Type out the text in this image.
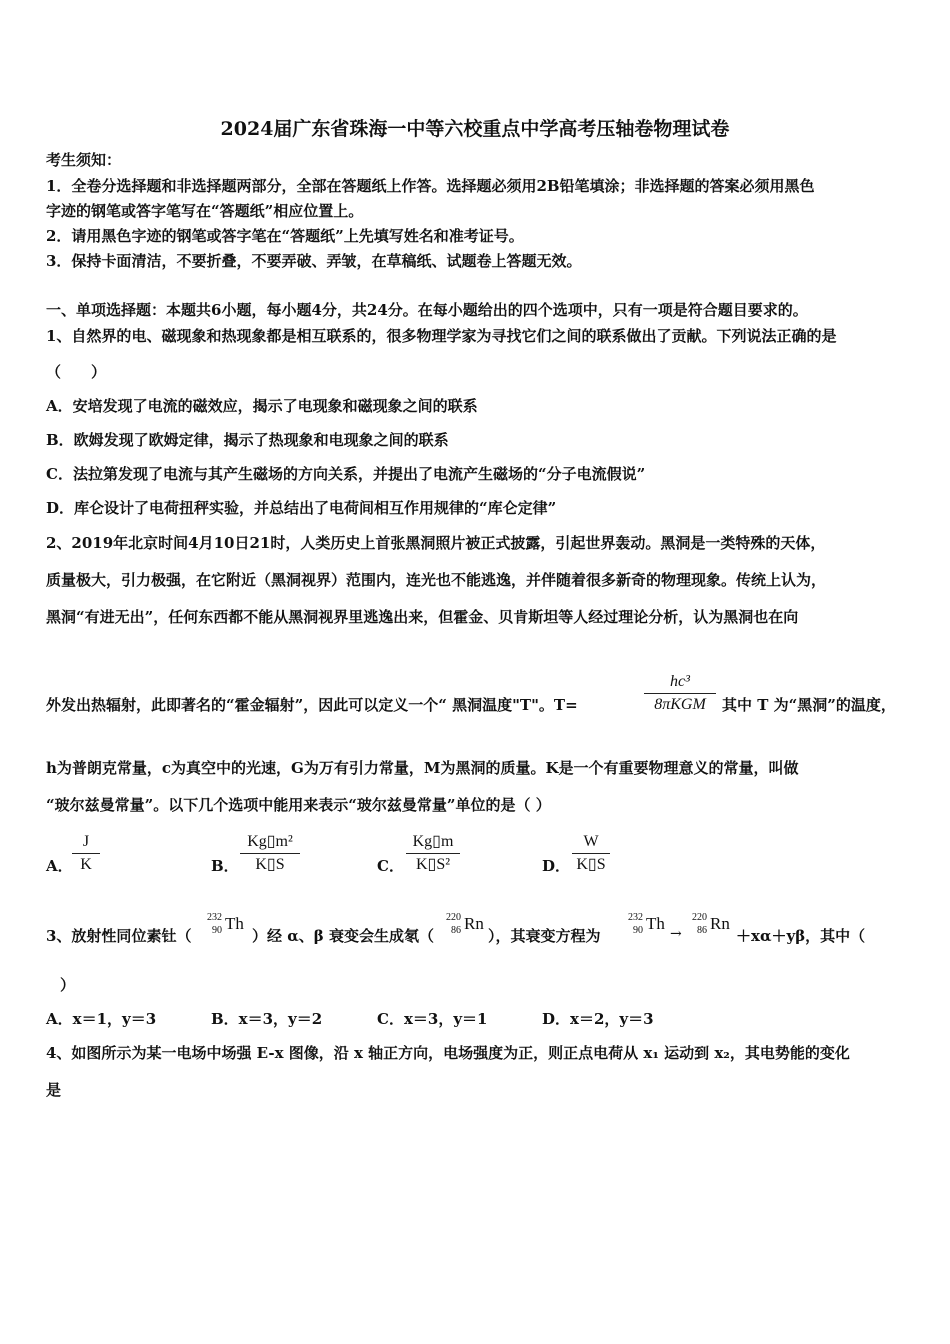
2024届广东省珠海一中等六校重点中学高考压轴卷物理试卷
考生须知：
1．全卷分选择题和非选择题两部分，全部在答题纸上作答。选择题必须用2B铅笔填涂；非选择题的答案必须用黑色
字迹的钢笔或答字笔写在“答题纸”相应位置上。
2．请用黑色字迹的钢笔或答字笔在“答题纸”上先填写姓名和准考证号。
3．保持卡面清洁，不要折叠，不要弄破、弄皱，在草稿纸、试题卷上答题无效。
一、单项选择题：本题共6小题，每小题4分，共24分。在每小题给出的四个选项中，只有一项是符合题目要求的。
1、自然界的电、磁现象和热现象都是相互联系的，很多物理学家为寻找它们之间的联系做出了贡献。下列说法正确的是
（　　）
A．安培发现了电流的磁效应，揭示了电现象和磁现象之间的联系
B．欧姆发现了欧姆定律，揭示了热现象和电现象之间的联系
C．法拉第发现了电流与其产生磁场的方向关系，并提出了电流产生磁场的“分子电流假说”
D．库仑设计了电荷扭秤实验，并总结出了电荷间相互作用规律的“库仑定律”
2、2019年北京时间4月10日21时，人类历史上首张黑洞照片被正式披露，引起世界轰动。黑洞是一类特殊的天体，
质量极大，引力极强，在它附近（黑洞视界）范围内，连光也不能逃逸，并伴随着很多新奇的物理现象。传统上认为，
黑洞“有进无出”，任何东西都不能从黑洞视界里逃逸出来，但霍金、贝肯斯坦等人经过理论分析，认为黑洞也在向
外发出热辐射，此即著名的“霍金辐射”，因此可以定义一个“ 黑洞温度"T"。T=
hc³
8πKGM	其中 T 为“黑洞”的温度，
h为普朗克常量，c为真空中的光速，G为万有引力常量，M为黑洞的质量。K是一个有重要物理意义的常量，叫做
“玻尔兹曼常量”。以下几个选项中能用来表示“玻尔兹曼常量”单位的是（ ）
A．
J
K	B．
Kg▯m²
K▯S	C．
Kg▯m
K▯S²	D．
W
K▯S
3、放射性同位素钍（
232
90 Th
）经 α、β 衰变会生成氡（
220
86 Rn
），其衰变方程为
232
90 Th
→
220
86 Rn
＋xα＋yβ，其中（
）
A．x＝1，y＝3	B．x＝3，y＝2	C．x＝3，y＝1	D．x＝2，y＝3
4、如图所示为某一电场中场强 E-x 图像，沿 x 轴正方向，电场强度为正，则正点电荷从 x₁ 运动到 x₂，其电势能的变化
是
